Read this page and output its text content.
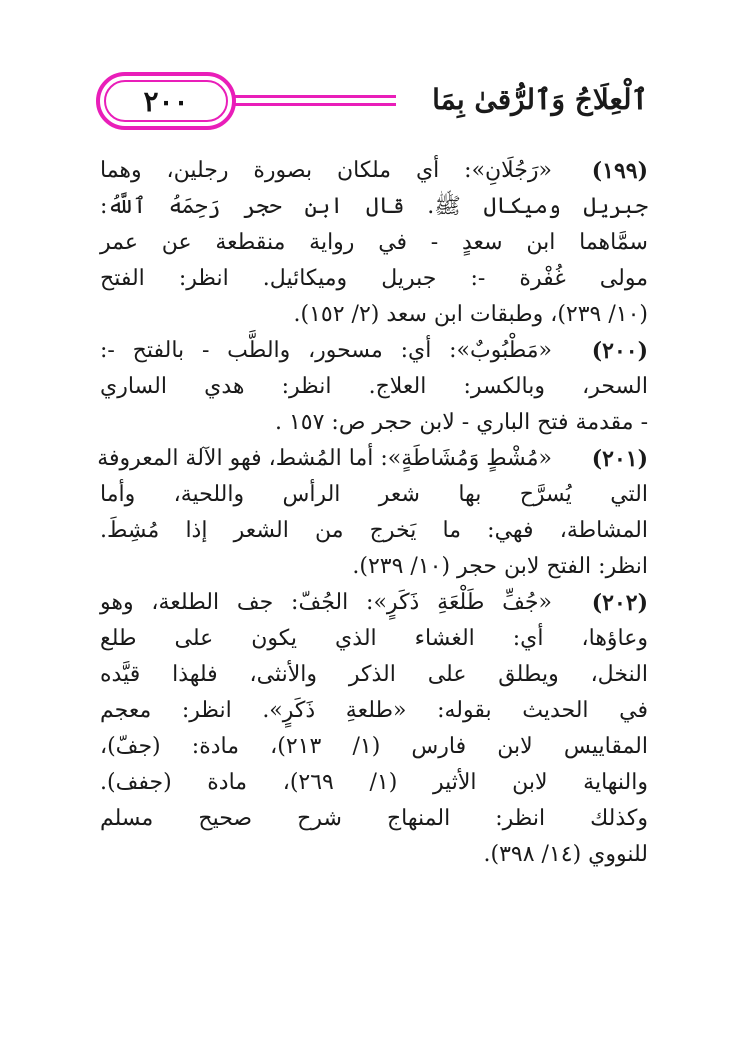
٢٠٠	ٱلْعِلَاجُ وَٱلرُّقىٰ بِمَا
(١٩٩)
«رَجُلَانِ»: أي ملكان بصورة رجلين، وهما
جبريل وميكال ﷺ. قال ابن حجر رَحِمَهُ ٱللَّهُ:
سمَّاهما ابن سعدٍ - في رواية منقطعة عن عمر
مولى غُفْرة -: جبريل وميكائيل. انظر: الفتح
(١٠/ ٢٣٩)، وطبقات ابن سعد (٢/ ١٥٢).
(٢٠٠)
«مَطْبُوبٌ»: أي: مسحور، والطَّب - بالفتح -:
السحر، وبالكسر: العلاج. انظر: هدي الساري
- مقدمة فتح الباري - لابن حجر ص: ١٥٧ .
(٢٠١)
«مُشْطٍ وَمُشَاطَةٍ»: أما المُشط، فهو الآلة المعروفة
التي يُسرَّح بها شعر الرأس واللحية، وأما
المشاطة، فهي: ما يَخرج من الشعر إذا مُشِطَ.
انظر: الفتح لابن حجر (١٠/ ٢٣٩).
(٢٠٢)
«جُفِّ طَلْعَةِ ذَكَرٍ»: الجُفّ: جف الطلعة، وهو
وعاؤها، أي: الغشاء الذي يكون على طلع
النخل، ويطلق على الذكر والأنثى، فلهذا قيَّده
في الحديث بقوله: «طلعةِ ذَكَرٍ». انظر: معجم
المقاييس لابن فارس (١/ ٢١٣)، مادة: (جفّ)،
والنهاية لابن الأثير (١/ ٢٦٩)، مادة (جفف).
وكذلك انظر: المنهاج شرح صحيح مسلم
للنووي (١٤/ ٣٩٨).
